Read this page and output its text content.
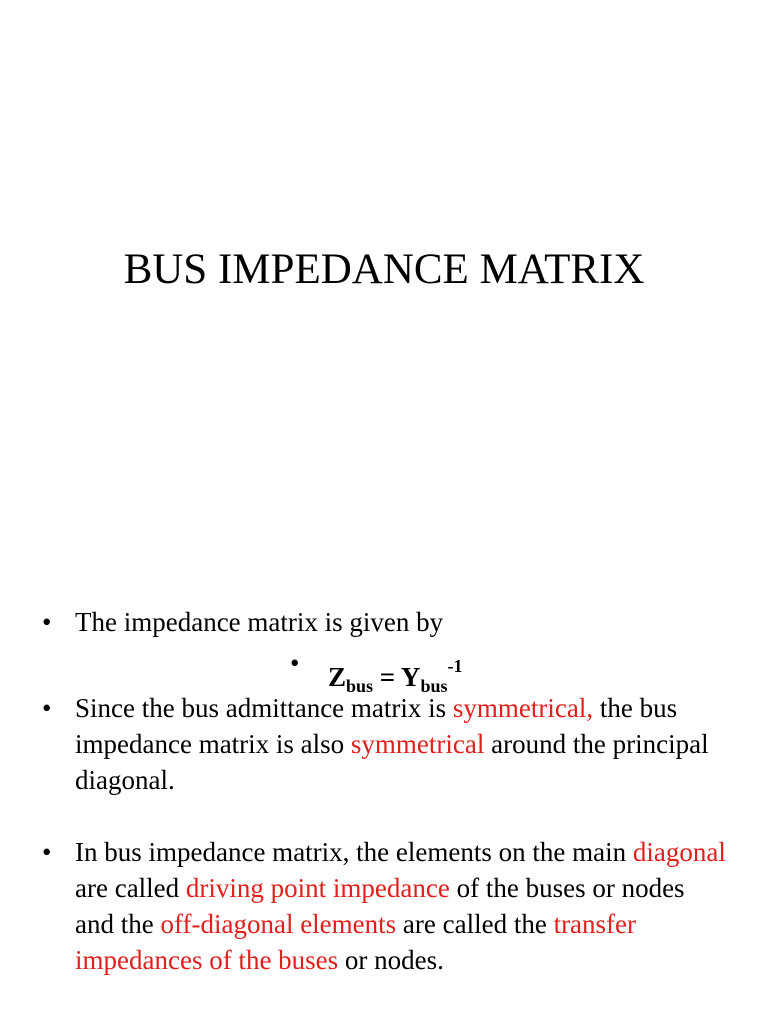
BUS IMPEDANCE MATRIX
• The impedance matrix is given by
• $Z_{bus} = Y_{bus}^{-1}$
• Since the bus admittance matrix is symmetrical, the bus impedance matrix is also symmetrical around the principal diagonal.
• In bus impedance matrix, the elements on the main diagonal are called driving point impedance of the buses or nodes and the off-diagonal elements are called the transfer impedances of the buses or nodes.
